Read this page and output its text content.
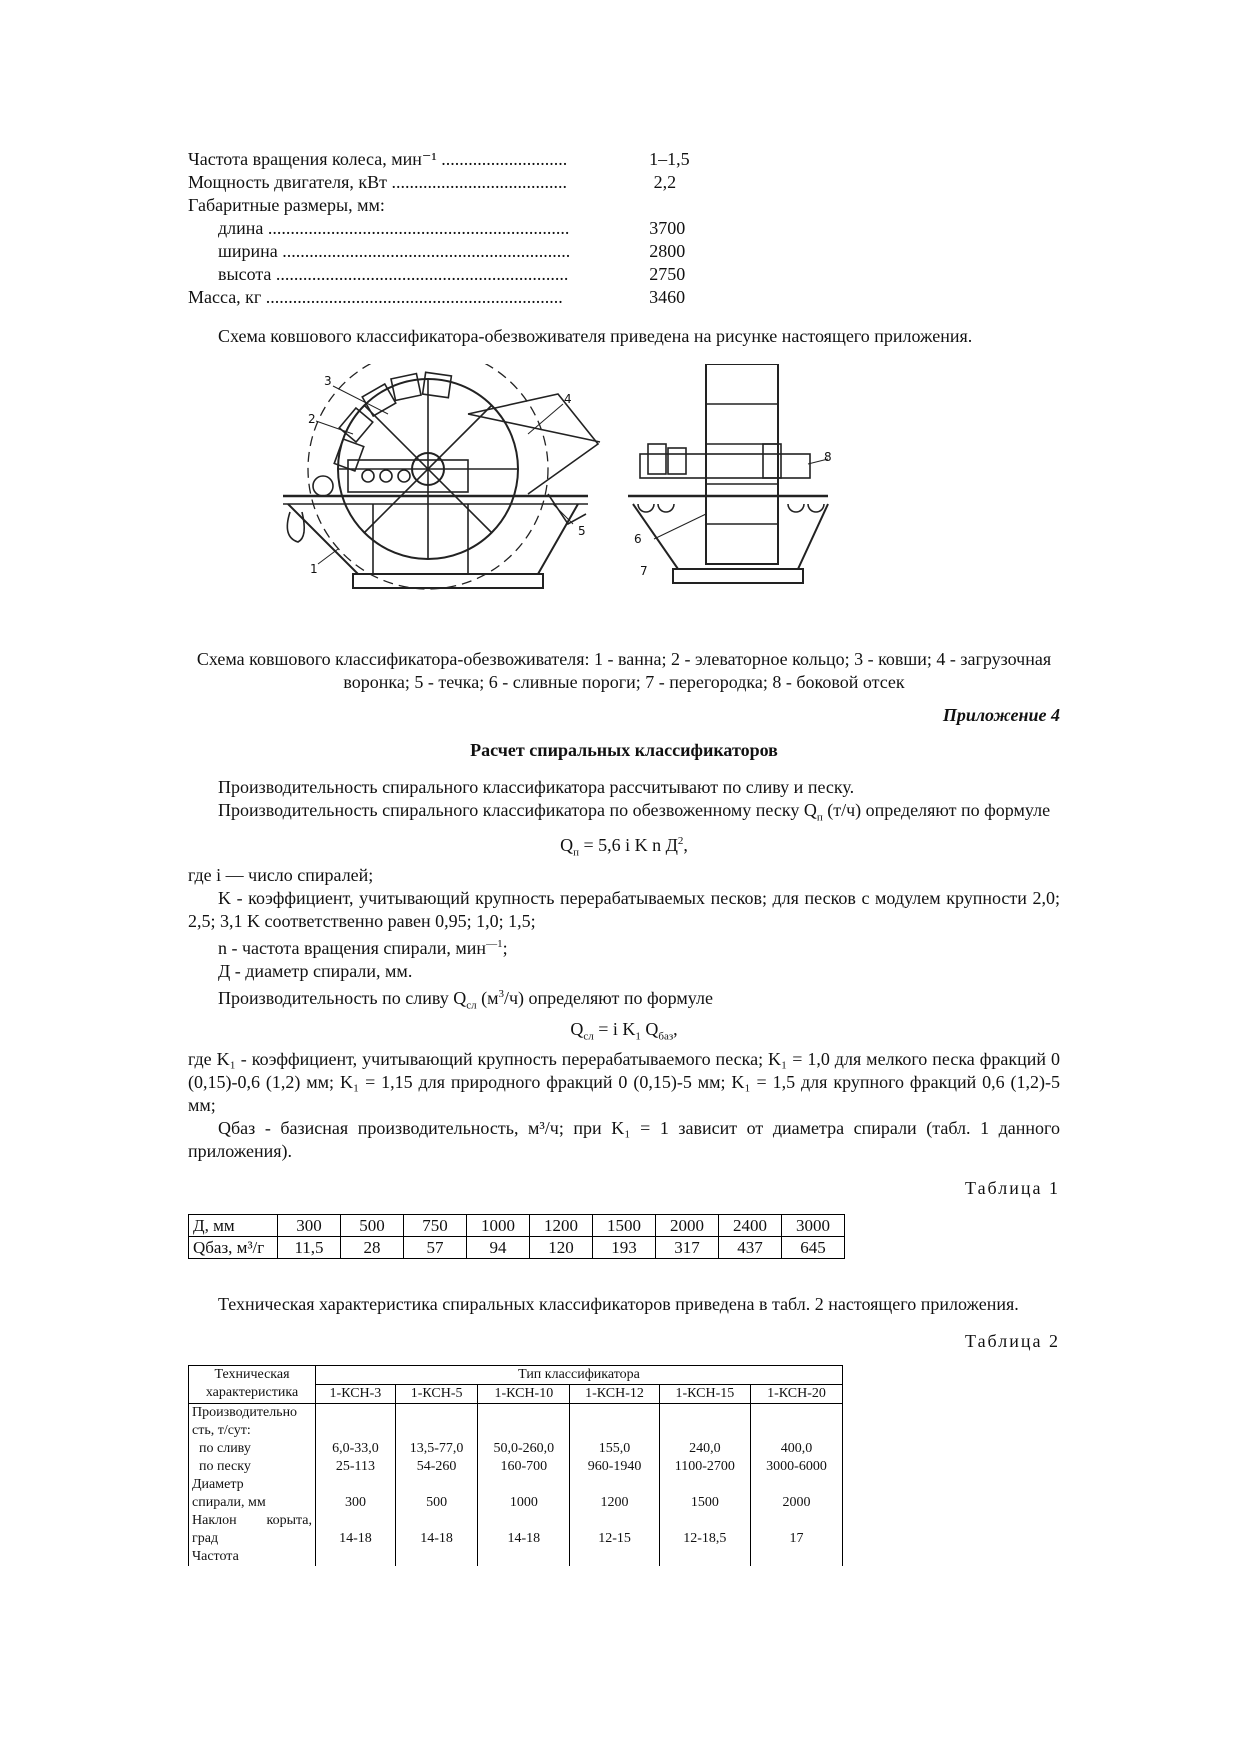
Частота вращения колеса, мин⁻¹ ............................	1–1,5
Мощность двигателя, кВт .......................................	2,2
Габаритные размеры, мм:
длина ...................................................................	3700
ширина ................................................................	2800
высота .................................................................	2750
Масса, кг ..................................................................	3460

Схема ковшового классификатора-обезвоживателя приведена на рисунке настоящего приложения.

3
2
4
5
1
8
6
7
Схема ковшового классификатора-обезвоживателя: 1 - ванна; 2 - элеваторное кольцо; 3 - ковши; 4 - загрузочная воронка; 5 - течка; 6 - сливные пороги; 7 - перегородка; 8 - боковой отсек
Приложение 4
Расчет спиральных классификаторов

Производительность спирального классификатора рассчитывают по сливу и песку.

Производительность спирального классификатора по обезвоженному песку $Q_п$ (т/ч) определяют по формуле

$Q_п = 5,6$ i K n $Д^2$,

где i — число спиралей;

K - коэффициент, учитывающий крупность перерабатываемых песков; для песков с модулем крупности 2,0; 2,5; 3,1 K соответственно равен 0,95; 1,0; 1,5;

n - частота вращения спирали, мин$^{—1}$;

Д - диаметр спирали, мм.

Производительность по сливу $Q_{сл}$ $(м^3/ч)$ определяют по формуле

$Q_{сл} = i$ $K_1$ $Q_{баз}$,

где K₁ - коэффициент, учитывающий крупность перерабатываемого песка; K₁ = 1,0 для мелкого песка фракций 0 (0,15)-0,6 (1,2) мм; K₁ = 1,15 для природного фракций 0 (0,15)-5 мм; K₁ = 1,5 для крупного фракций 0,6 (1,2)-5 мм;

Qбаз - базисная производительность, м³/ч; при K₁ = 1 зависит от диаметра спирали (табл. 1 данного приложения).

Таблица 1
Д, мм	300	500	750	1000	1200	1500	2000	2400	3000
Qбаз, м³/г	11,5	28	57	94	120	193	317	437	645

Техническая характеристика спиральных классификаторов приведена в табл. 2 настоящего приложения.

Таблица 2
Техническая
характеристика	Тип классификатора					
	1-КСН-3	1-КСН-5	1-КСН-10	1-КСН-12	1-КСН-15	1-КСН-20
Производительно
сть, т/сут:						
по сливу	6,0-33,0	13,5-77,0	50,0-260,0	155,0	240,0	400,0
по песку	25-113	54-260	160-700	960-1940	1100-2700	3000-6000
Диаметр						
спирали, мм	300	500	1000	1200	1500	2000
Наклон корыта,						
град	14-18	14-18	14-18	12-15	12-18,5	17
Частота						
